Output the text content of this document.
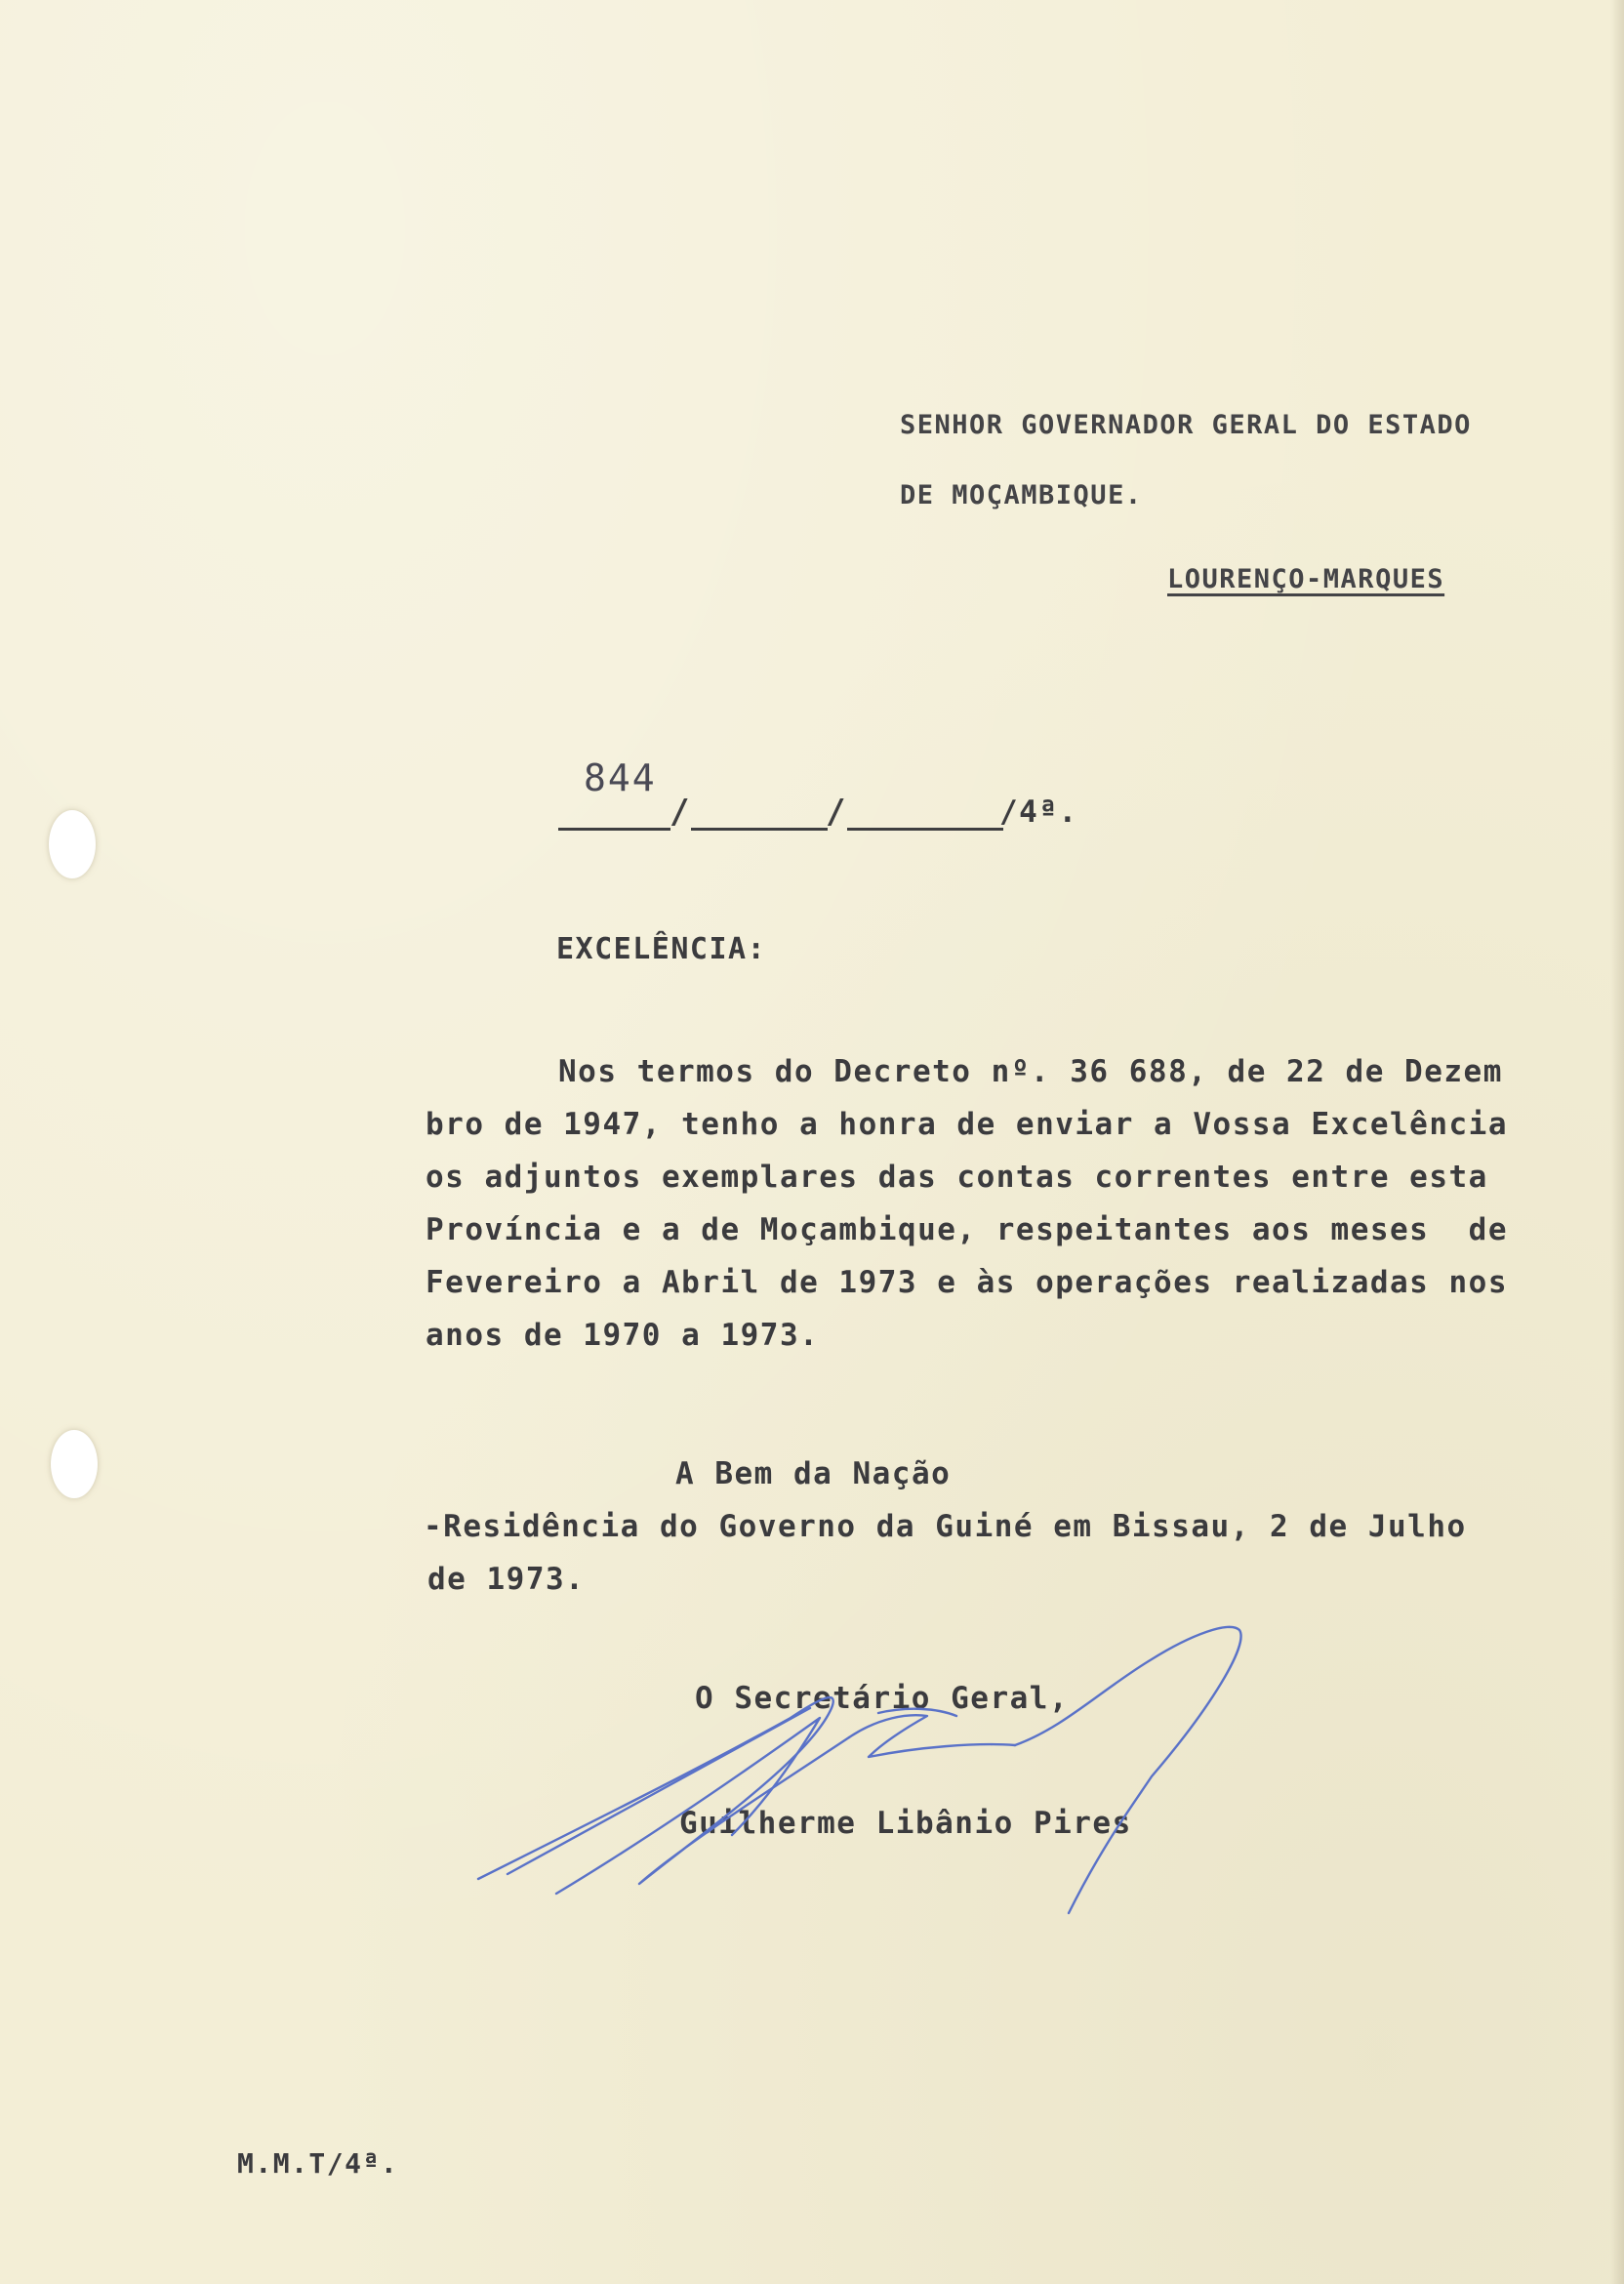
SENHOR GOVERNADOR GERAL DO ESTADO
DE MOÇAMBIQUE.
LOURENÇO-MARQUES
844
/	/	/4ª.
EXCELÊNCIA:
Nos termos do Decreto nº. 36 688, de 22 de Dezem
bro de 1947, tenho a honra de enviar a Vossa Excelência
os adjuntos exemplares das contas correntes entre esta
Província e a de Moçambique, respeitantes aos meses  de
Fevereiro a Abril de 1973 e às operações realizadas nos
anos de 1970 a 1973.
A Bem da Nação
-Residência do Governo da Guiné em Bissau, 2 de Julho
de 1973.
O Secretário Geral,
Guilherme Libânio Pires
M.M.T/4ª.
